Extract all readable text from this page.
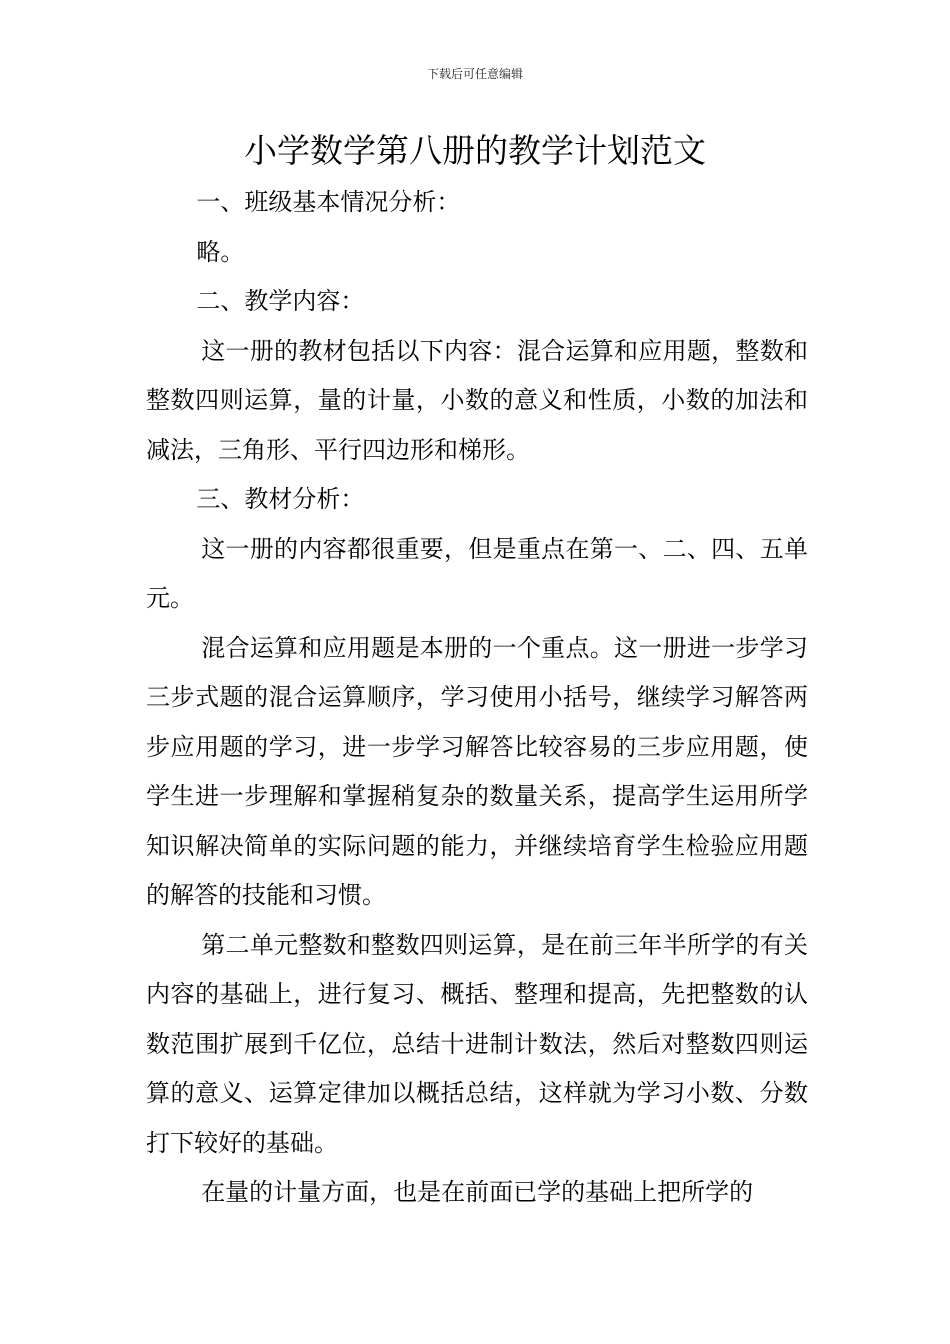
下载后可任意编辑
小学数学第八册的教学计划范文

一、班级基本情况分析：

略。

二、教学内容：

这一册的教材包括以下内容：混合运算和应用题，整数和整数四则运算，量的计量，小数的意义和性质，小数的加法和减法，三角形、平行四边形和梯形。

三、教材分析：

这一册的内容都很重要，但是重点在第一、二、四、五单元。

混合运算和应用题是本册的一个重点。这一册进一步学习三步式题的混合运算顺序，学习使用小括号，继续学习解答两步应用题的学习，进一步学习解答比较容易的三步应用题，使学生进一步理解和掌握稍复杂的数量关系，提高学生运用所学知识解决简单的实际问题的能力，并继续培育学生检验应用题的解答的技能和习惯。

第二单元整数和整数四则运算，是在前三年半所学的有关内容的基础上，进行复习、概括、整理和提高，先把整数的认数范围扩展到千亿位，总结十进制计数法，然后对整数四则运算的意义、运算定律加以概括总结，这样就为学习小数、分数打下较好的基础。

在量的计量方面，也是在前面已学的基础上把所学的
